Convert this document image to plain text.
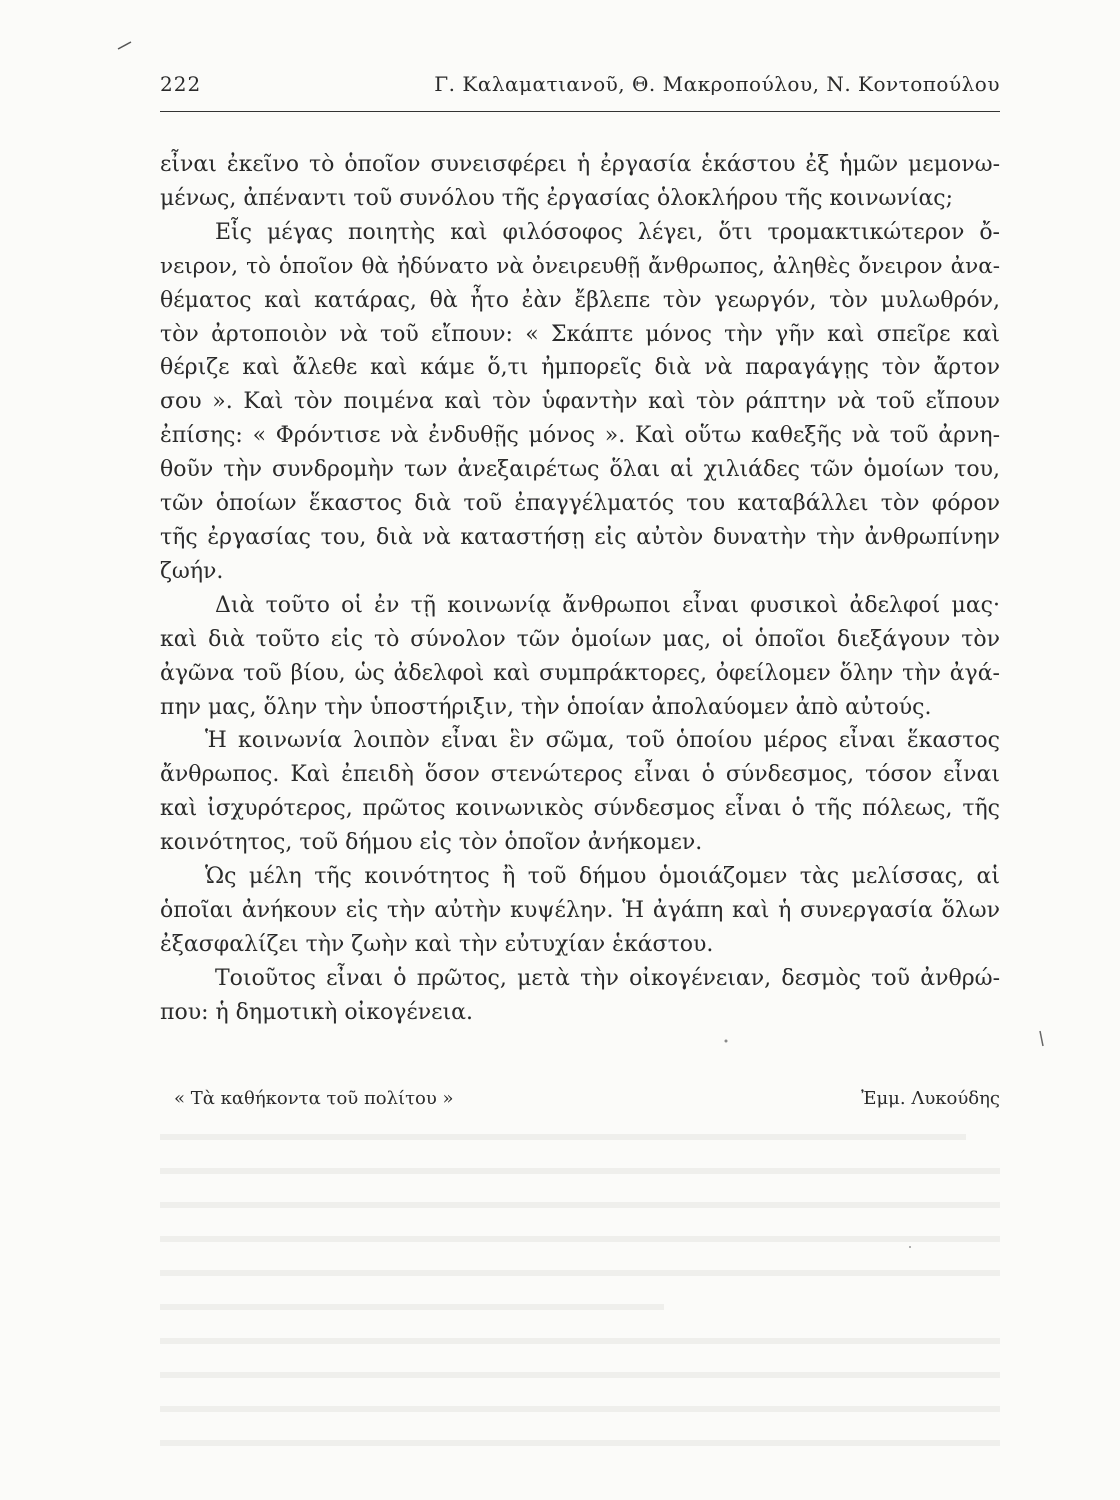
222	Γ. Καλαματιανοῦ, Θ. Μακροπούλου, Ν. Κοντοπούλου

εἶναι ἐκεῖνο τὸ ὁποῖον συνεισφέρει ἡ ἐργασία ἑκάστου ἐξ ἡμῶν μεμονω-
μένως, ἀπέναντι τοῦ συνόλου τῆς ἐργασίας ὁλοκλήρου τῆς κοινωνίας;

Εἷς μέγας ποιητὴς καὶ φιλόσοφος λέγει, ὅτι τρομακτικώτερον ὄ-
νειρον, τὸ ὁποῖον θὰ ἠδύνατο νὰ ὀνειρευθῇ ἄνθρωπος, ἀληθὲς ὄνειρον ἀνα-
θέματος καὶ κατάρας, θὰ ἦτο ἐὰν ἔβλεπε τὸν γεωργόν, τὸν μυλωθρόν,
τὸν ἀρτοποιὸν νὰ τοῦ εἴπουν: « Σκάπτε μόνος τὴν γῆν καὶ σπεῖρε καὶ
θέριζε καὶ ἄλεθε καὶ κάμε ὅ,τι ἠμπορεῖς διὰ νὰ παραγάγῃς τὸν ἄρτον
σου ». Καὶ τὸν ποιμένα καὶ τὸν ὑφαντὴν καὶ τὸν ράπτην νὰ τοῦ εἴπουν
ἐπίσης: « Φρόντισε νὰ ἐνδυθῇς μόνος ». Καὶ οὕτω καθεξῆς νὰ τοῦ ἀρνη-
θοῦν τὴν συνδρομὴν των ἀνεξαιρέτως ὅλαι αἱ χιλιάδες τῶν ὁμοίων του,
τῶν ὁποίων ἕκαστος διὰ τοῦ ἐπαγγέλματός του καταβάλλει τὸν φόρον
τῆς ἐργασίας του, διὰ νὰ καταστήσῃ εἰς αὐτὸν δυνατὴν τὴν ἀνθρωπίνην
ζωήν.

Διὰ τοῦτο οἱ ἐν τῇ κοινωνίᾳ ἄνθρωποι εἶναι φυσικοὶ ἀδελφοί μας·
καὶ διὰ τοῦτο εἰς τὸ σύνολον τῶν ὁμοίων μας, οἱ ὁποῖοι διεξάγουν τὸν
ἀγῶνα τοῦ βίου, ὡς ἀδελφοὶ καὶ συμπράκτορες, ὀφείλομεν ὅλην τὴν ἀγά-
πην μας, ὅλην τὴν ὑποστήριξιν, τὴν ὁποίαν ἀπολαύομεν ἀπὸ αὐτούς.

Ἡ κοινωνία λοιπὸν εἶναι ἓν σῶμα, τοῦ ὁποίου μέρος εἶναι ἕκαστος
ἄνθρωπος. Καὶ ἐπειδὴ ὅσον στενώτερος εἶναι ὁ σύνδεσμος, τόσον εἶναι
καὶ ἰσχυρότερος, πρῶτος κοινωνικὸς σύνδεσμος εἶναι ὁ τῆς πόλεως, τῆς
κοινότητος, τοῦ δήμου εἰς τὸν ὁποῖον ἀνήκομεν.

Ὡς μέλη τῆς κοινότητος ἢ τοῦ δήμου ὁμοιάζομεν τὰς μελίσσας, αἱ
ὁποῖαι ἀνήκουν εἰς τὴν αὐτὴν κυψέλην. Ἡ ἀγάπη καὶ ἡ συνεργασία ὅλων
ἐξασφαλίζει τὴν ζωὴν καὶ τὴν εὐτυχίαν ἑκάστου.

Τοιοῦτος εἶναι ὁ πρῶτος, μετὰ τὴν οἰκογένειαν, δεσμὸς τοῦ ἀνθρώ-
που: ἡ δημοτικὴ οἰκογένεια.

« Τὰ καθήκοντα τοῦ πολίτου »	Ἐμμ. Λυκούδης
